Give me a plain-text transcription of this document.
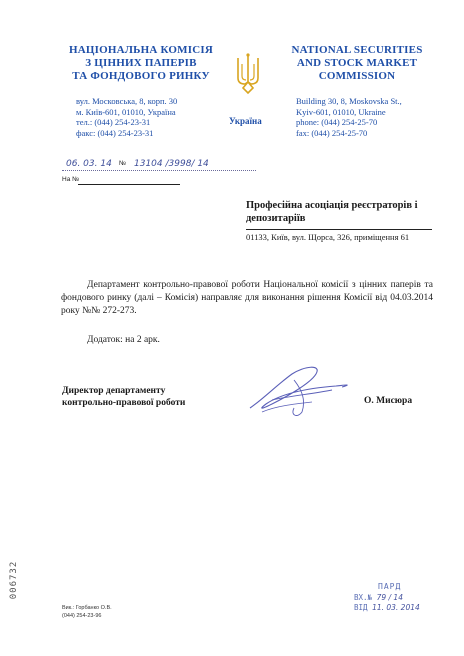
НАЦІОНАЛЬНА КОМІСІЯ
З ЦІННИХ ПАПЕРІВ
ТА ФОНДОВОГО РИНКУ
вул. Московська, 8, корп. 30
м. Київ-601, 01010, Україна
тел.: (044) 254-23-31
факс: (044) 254-23-31
Україна
NATIONAL SECURITIES
AND STOCK MARKET
COMMISSION
Building 30, 8, Moskovska St.,
Kyiv-601, 01010, Ukraine
phone: (044) 254-25-70
fax: (044) 254-25-70
06. 03. 14 № 13104 /3998/ 14
На №
Професійна асоціація реєстраторів і депозитаріїв
01133, Київ, вул. Щорса, 326, приміщення 61
Департамент контрольно-правової роботи Національної комісії з цінних паперів та фондового ринку (далі – Комісія) направляє для виконання рішення Комісії від 04.03.2014 року №№ 272-273.
Додаток: на 2 арк.
Директор департаменту
контрольно-правової роботи	О. Мисюра
006732
Вик.: Горбанко О.В.
(044) 254-23-96
ПАРД
ВХ.№ 79 / 14
ВІД 11. 03. 2014
